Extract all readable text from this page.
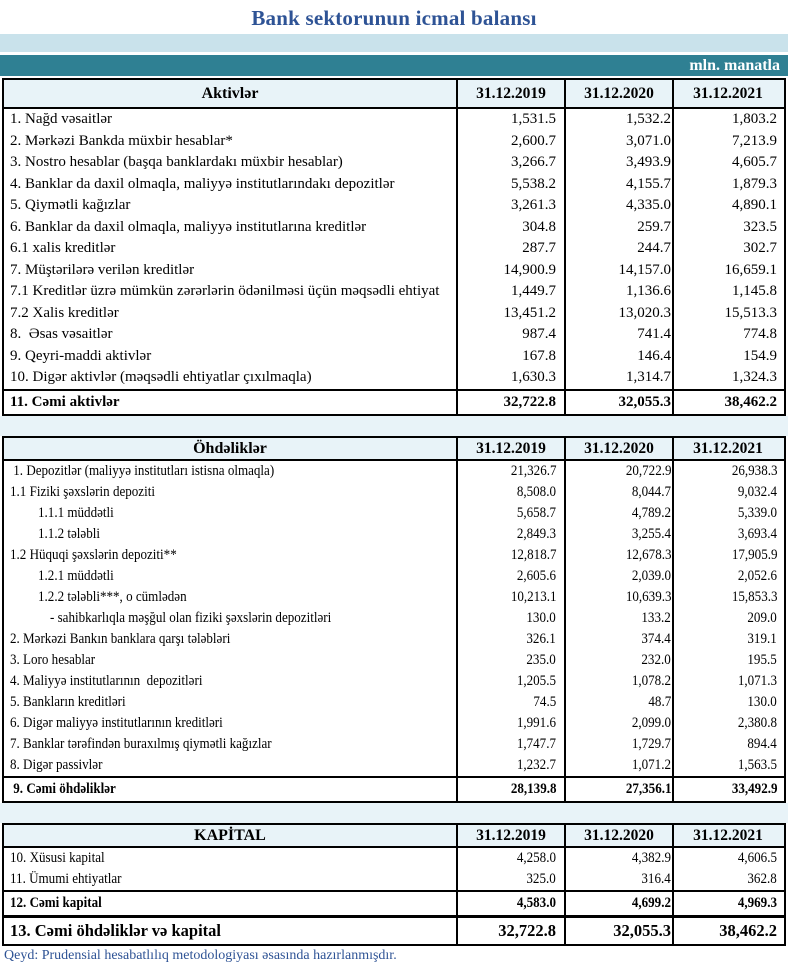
Bank sektorunun icmal balansı
mln. manatla
Aktivlər	31.12.2019	31.12.2020	31.12.2021
1. Nağd vəsaitlər	1,531.5	1,532.2	1,803.2
2. Mərkəzi Bankda müxbir hesablar*	2,600.7	3,071.0	7,213.9
3. Nostro hesablar (başqa banklardakı müxbir hesablar)	3,266.7	3,493.9	4,605.7
4. Banklar da daxil olmaqla, maliyyə institutlarındakı depozitlər	5,538.2	4,155.7	1,879.3
5. Qiymətli kağızlar	3,261.3	4,335.0	4,890.1
6. Banklar da daxil olmaqla, maliyyə institutlarına kreditlər	304.8	259.7	323.5
6.1 xalis kreditlər	287.7	244.7	302.7
7. Müştərilərə verilən kreditlər	14,900.9	14,157.0	16,659.1
7.1 Kreditlər üzrə mümkün zərərlərin ödənilməsi üçün məqsədli ehtiyat	1,449.7	1,136.6	1,145.8
7.2 Xalis kreditlər	13,451.2	13,020.3	15,513.3
8.  Əsas vəsaitlər	987.4	741.4	774.8
9. Qeyri-maddi aktivlər	167.8	146.4	154.9
10. Digər aktivlər (məqsədli ehtiyatlar çıxılmaqla)	1,630.3	1,314.7	1,324.3
11. Cəmi aktivlər	32,722.8	32,055.3	38,462.2
Öhdəliklər	31.12.2019	31.12.2020	31.12.2021
1. Depozitlər (maliyyə institutları istisna olmaqla)	21,326.7	20,722.9	26,938.3
1.1 Fiziki şəxslərin depoziti	8,508.0	8,044.7	9,032.4
1.1.1 müddətli	5,658.7	4,789.2	5,339.0
1.1.2 tələbli	2,849.3	3,255.4	3,693.4
1.2 Hüquqi şəxslərin depoziti**	12,818.7	12,678.3	17,905.9
1.2.1 müddətli	2,605.6	2,039.0	2,052.6
1.2.2 tələbli***, o cümlədən	10,213.1	10,639.3	15,853.3
- sahibkarlıqla məşğul olan fiziki şəxslərin depozitləri	130.0	133.2	209.0
2. Mərkəzi Bankın banklara qarşı tələbləri	326.1	374.4	319.1
3. Loro hesablar	235.0	232.0	195.5
4. Maliyyə institutlarının  depozitləri	1,205.5	1,078.2	1,071.3
5. Bankların kreditləri	74.5	48.7	130.0
6. Digər maliyyə institutlarının kreditləri	1,991.6	2,099.0	2,380.8
7. Banklar tərəfindən buraxılmış qiymətli kağızlar	1,747.7	1,729.7	894.4
8. Digər passivlər	1,232.7	1,071.2	1,563.5
9. Cəmi öhdəliklər	28,139.8	27,356.1	33,492.9
KAPİTAL	31.12.2019	31.12.2020	31.12.2021
10. Xüsusi kapital	4,258.0	4,382.9	4,606.5
11. Ümumi ehtiyatlar	325.0	316.4	362.8
12. Cəmi kapital	4,583.0	4,699.2	4,969.3
13. Cəmi öhdəliklər və kapital	32,722.8	32,055.3	38,462.2
Qeyd: Prudensial hesabatlılıq metodologiyası əsasında hazırlanmışdır.
